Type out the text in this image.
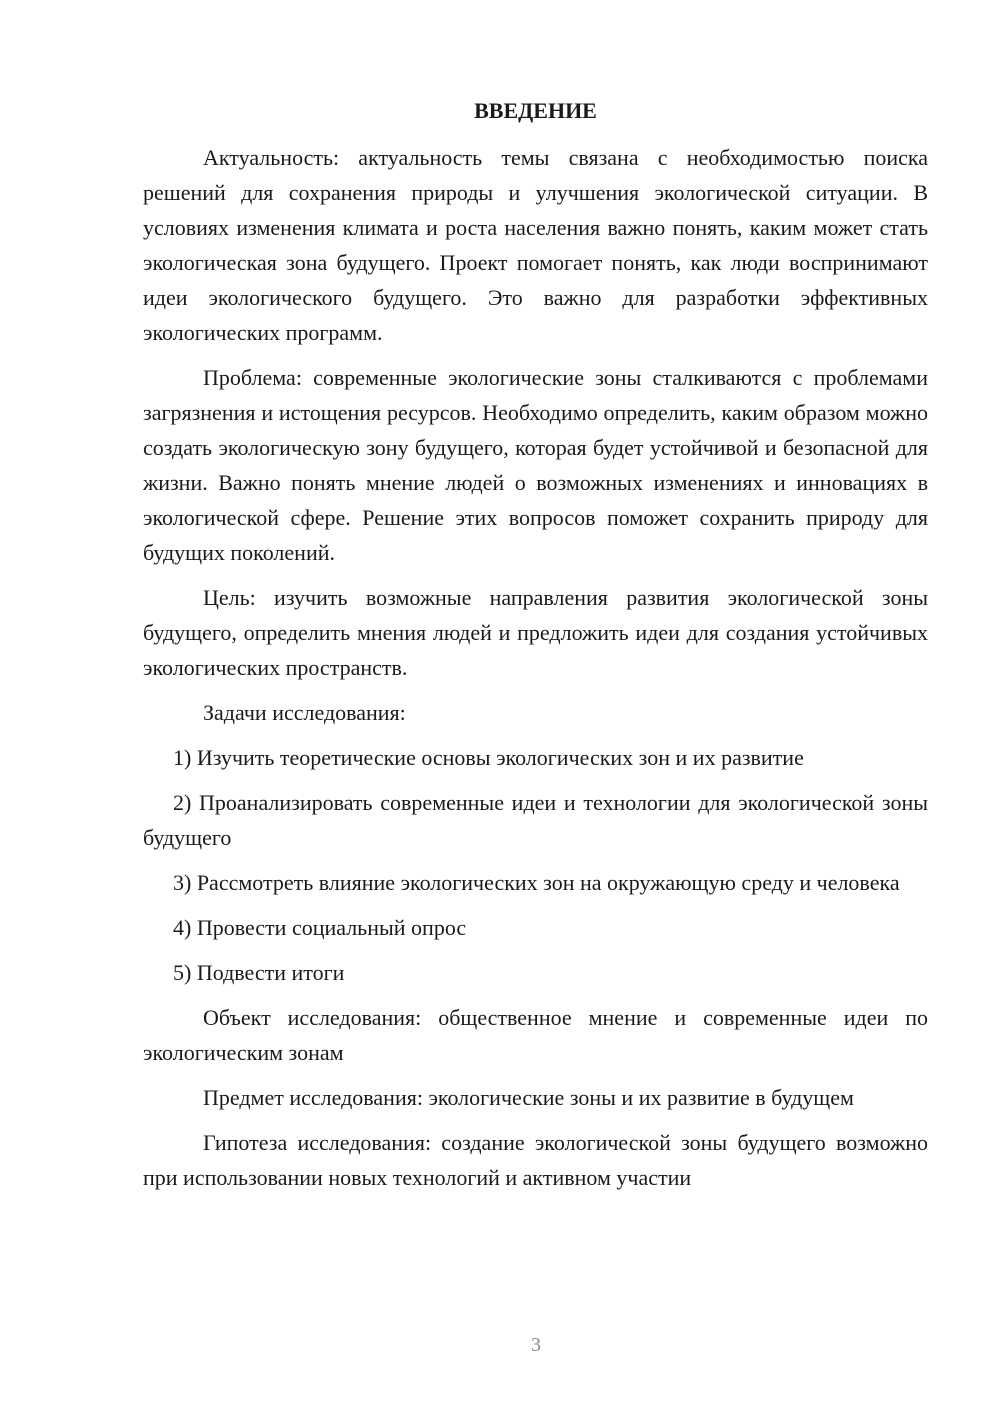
ВВЕДЕНИЕ

Актуальность: актуальность темы связана с необходимостью поиска решений для сохранения природы и улучшения экологической ситуации. В условиях изменения климата и роста населения важно понять, каким может стать экологическая зона будущего. Проект помогает понять, как люди воспринимают идеи экологического будущего. Это важно для разработки эффективных экологических программ.

Проблема: современные экологические зоны сталкиваются с проблемами загрязнения и истощения ресурсов. Необходимо определить, каким образом можно создать экологическую зону будущего, которая будет устойчивой и безопасной для жизни. Важно понять мнение людей о возможных изменениях и инновациях в экологической сфере. Решение этих вопросов поможет сохранить природу для будущих поколений.

Цель: изучить возможные направления развития экологической зоны будущего, определить мнения людей и предложить идеи для создания устойчивых экологических пространств.

Задачи исследования:

1) Изучить теоретические основы экологических зон и их развитие

2) Проанализировать современные идеи и технологии для экологической зоны будущего

3) Рассмотреть влияние экологических зон на окружающую среду и человека

4) Провести социальный опрос

5) Подвести итоги

Объект исследования: общественное мнение и современные идеи по экологическим зонам

Предмет исследования: экологические зоны и их развитие в будущем

Гипотеза исследования: создание экологической зоны будущего возможно при использовании новых технологий и активном участии

3
